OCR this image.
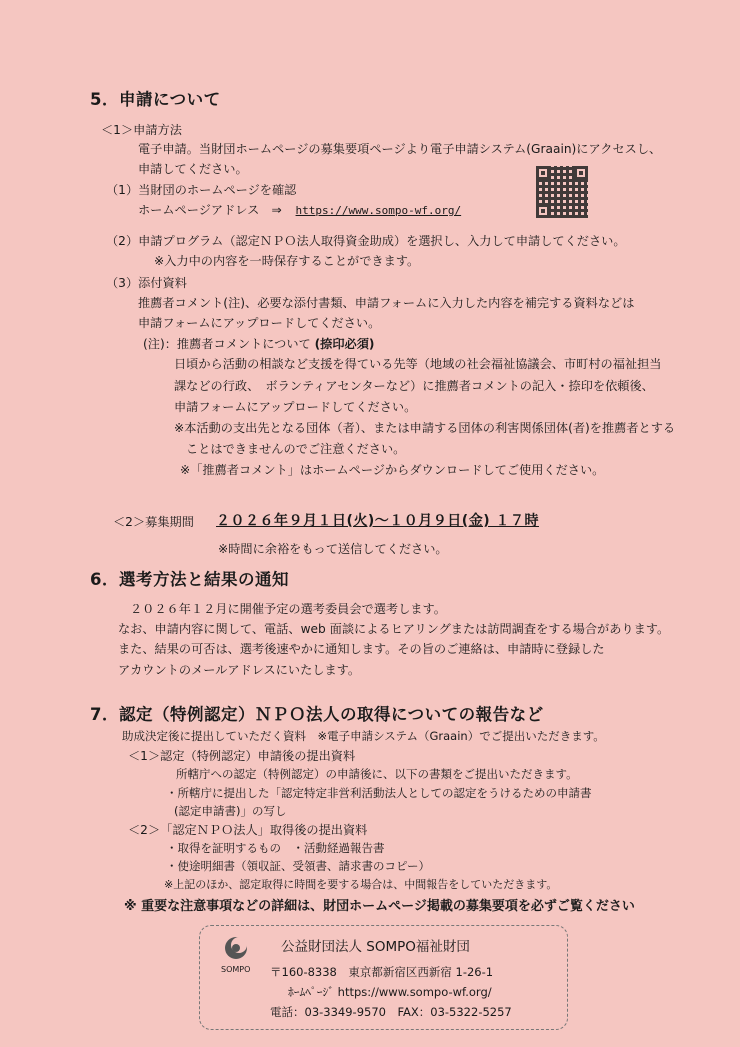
5．申請について
＜1＞申請方法
電子申請。当財団ホームページの募集要項ページより電子申請システム(Graain)にアクセスし、
申請してください。
（1）当財団のホームページを確認
ホームページアドレス　⇒ https://www.sompo-wf.org/
（2）申請プログラム（認定ＮＰＯ法人取得資金助成）を選択し、入力して申請してください。
※入力中の内容を一時保存することができます。
（3）添付資料
推薦者コメント(注)、必要な添付書類、申請フォームに入力した内容を補完する資料などは
申請フォームにアップロードしてください。
(注)：推薦者コメントについて (捺印必須)
日頃から活動の相談など支援を得ている先等（地域の社会福祉協議会、市町村の福祉担当
課などの行政、　ボランティアセンターなど）に推薦者コメントの記入・捺印を依頼後、
申請フォームにアップロードしてください。
※本活動の支出先となる団体（者）、または申請する団体の利害関係団体(者)を推薦者とする
ことはできませんのでご注意ください。
※「推薦者コメント」はホームページからダウンロードしてご使用ください。
＜2＞募集期間 ２０２６年９月１日(火)～１０月９日(金) １７時
※時間に余裕をもって送信してください。
6．選考方法と結果の通知
２０２６年１２月に開催予定の選考委員会で選考します。
なお、申請内容に関して、電話、web 面談によるヒアリングまたは訪問調査をする場合があります。
また、結果の可否は、選考後速やかに通知します。その旨のご連絡は、申請時に登録した
アカウントのメールアドレスにいたします。
7．認定（特例認定）ＮＰＯ法人の取得についての報告など
助成決定後に提出していただく資料　※電子申請システム（Graain）でご提出いただきます。
＜1＞認定（特例認定）申請後の提出資料
所轄庁への認定（特例認定）の申請後に、以下の書類をご提出いただきます。
・所轄庁に提出した「認定特定非営利活動法人としての認定をうけるための申請書
(認定申請書)」の写し
＜2＞「認定ＮＰＯ法人」取得後の提出資料
・取得を証明するもの　・活動経過報告書
・使途明細書（領収証、受領書、請求書のコピー）
※上記のほか、認定取得に時間を要する場合は、中間報告をしていただきます。
※ 重要な注意事項などの詳細は、財団ホームページ掲載の募集要項を必ずご覧ください
SOMPO
公益財団法人 SOMPO福祉財団
〒160-8338　東京都新宿区西新宿 1-26-1
ﾎｰﾑﾍﾟｰｼﾞ https://www.sompo-wf.org/
電話：03-3349-9570　FAX：03-5322-5257
